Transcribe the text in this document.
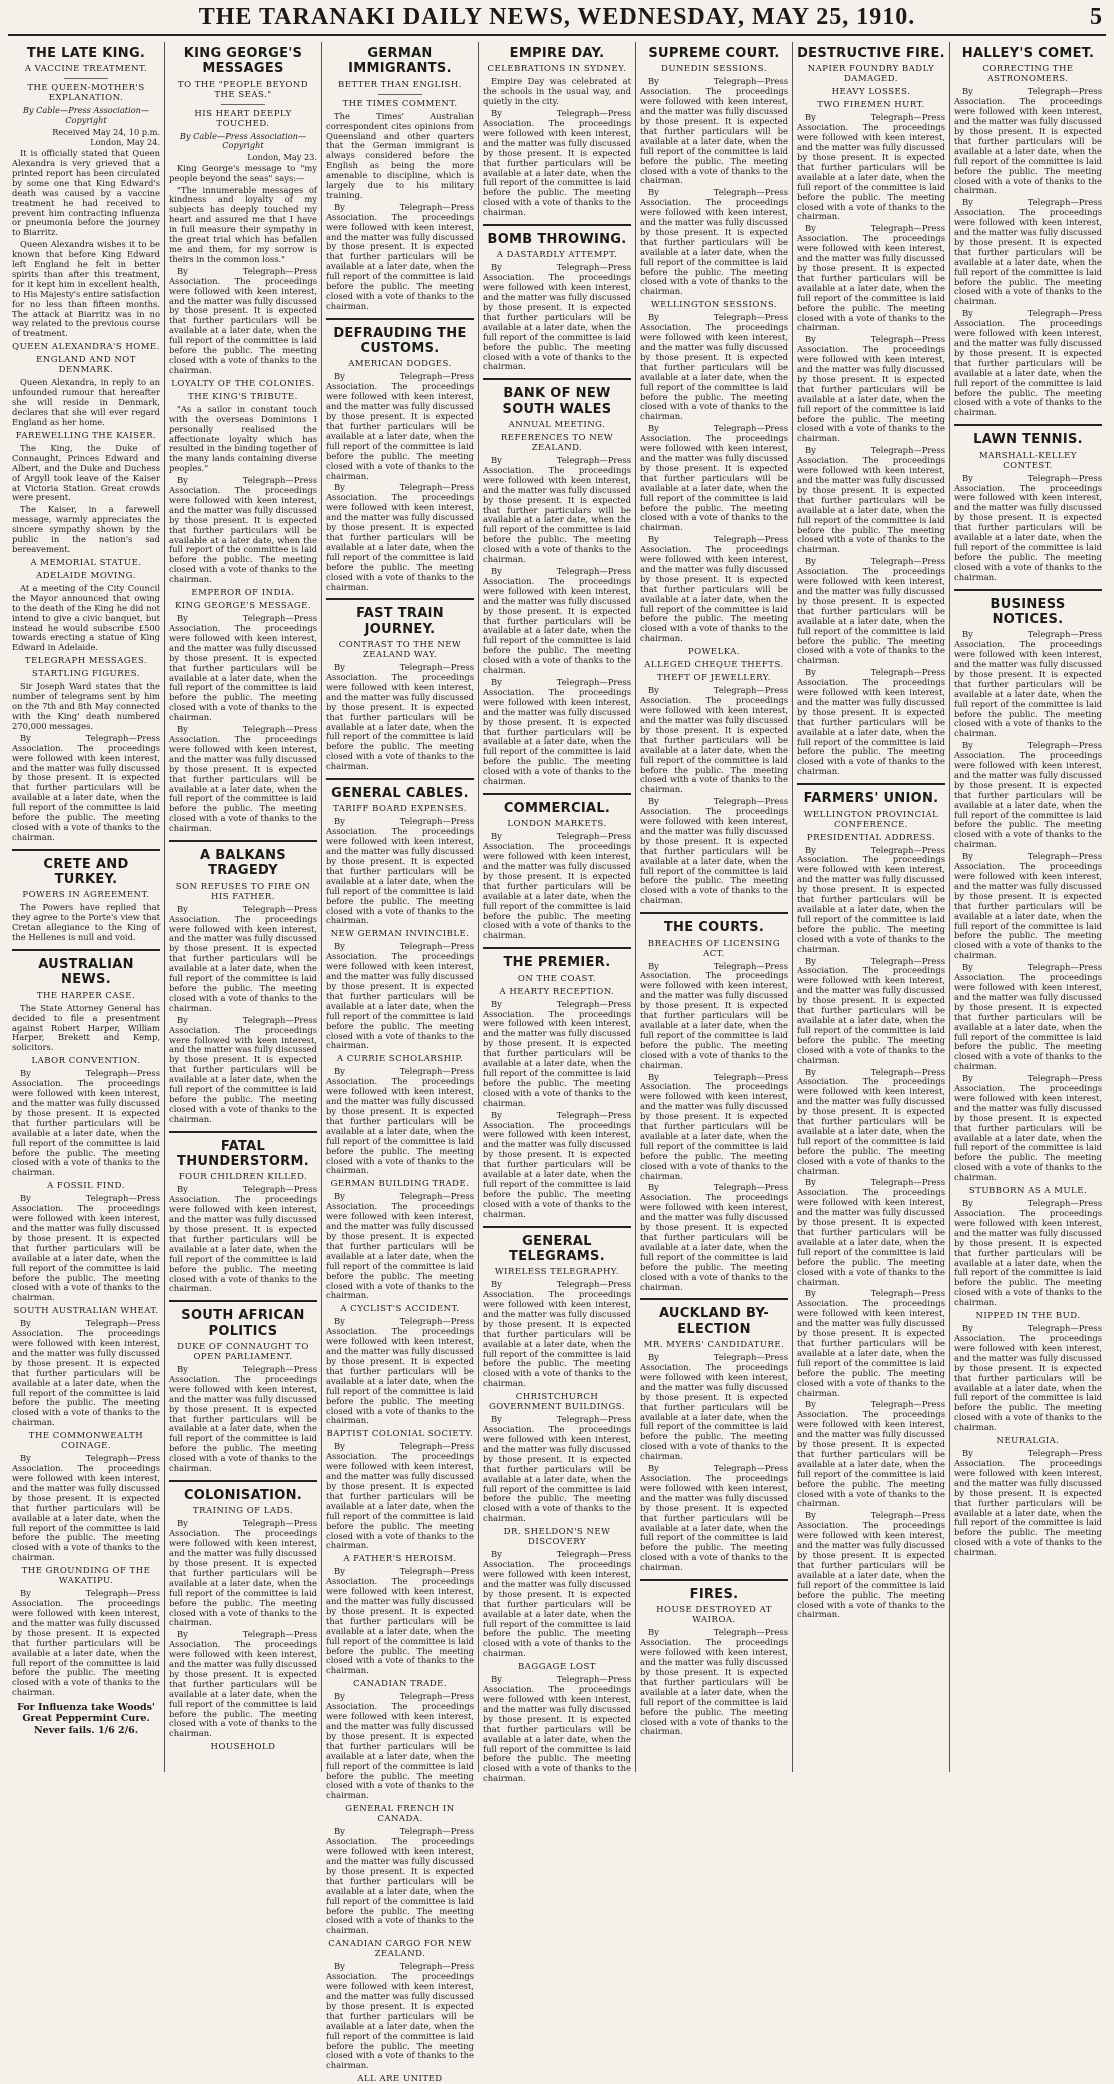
THE TARANAKI DAILY NEWS, WEDNESDAY, MAY 25, 1910.	5
THE LATE KING.
A VACCINE TREATMENT.
THE QUEEN-MOTHER'S EXPLANATION.
By Cable—Press Association—Copyright
Received May 24, 10 p.m.
London, May 24.

It is officially stated that Queen Alexandra is very grieved that a printed report has been circulated by some one that King Edward's death was caused by a vaccine treatment he had received to prevent him contracting influenza or pneumonia before the journey to Biarritz.

Queen Alexandra wishes it to be known that before King Edward left England he felt in better spirits than after this treatment, for it kept him in excellent health, to His Majesty's entire satisfaction for no less than fifteen months. The attack at Biarritz was in no way related to the previous course of treatment.

QUEEN ALEXANDRA'S HOME.
ENGLAND AND NOT DENMARK.

Queen Alexandra, in reply to an unfounded rumour that hereafter she will reside in Denmark, declares that she will ever regard England as her home.

FAREWELLING THE KAISER.

The King, the Duke of Connaught, Princes Edward and Albert, and the Duke and Duchess of Argyll took leave of the Kaiser at Victoria Station. Great crowds were present.

The Kaiser, in a farewell message, warmly appreciates the sincere sympathy shown by the public in the nation's sad bereavement.

A MEMORIAL STATUE.
ADELAIDE MOVING.

At a meeting of the City Council the Mayor announced that owing to the death of the King he did not intend to give a civic banquet, but instead he would subscribe £500 towards erecting a statue of King Edward in Adelaide.

TELEGRAPH MESSAGES.
STARTLING FIGURES.

Sir Joseph Ward states that the number of telegrams sent by him on the 7th and 8th May connected with the King' death numbered 270,000 messages.

By Telegraph—Press Association. The proceedings were followed with keen interest, and the matter was fully discussed by those present. It is expected that further particulars will be available at a later date, when the full report of the committee is laid before the public. The meeting closed with a vote of thanks to the chairman.

CRETE AND TURKEY.
POWERS IN AGREEMENT.

The Powers have replied that they agree to the Porte's view that Cretan allegiance to the King of the Hellenes is null and void.

AUSTRALIAN NEWS.
THE HARPER CASE.

The State Attorney General has decided to file a presentment against Robert Harper, William Harper, Brekett and Kemp, solicitors.

LABOR CONVENTION.

By Telegraph—Press Association. The proceedings were followed with keen interest, and the matter was fully discussed by those present. It is expected that further particulars will be available at a later date, when the full report of the committee is laid before the public. The meeting closed with a vote of thanks to the chairman.

A FOSSIL FIND.

By Telegraph—Press Association. The proceedings were followed with keen interest, and the matter was fully discussed by those present. It is expected that further particulars will be available at a later date, when the full report of the committee is laid before the public. The meeting closed with a vote of thanks to the chairman.

SOUTH AUSTRALIAN WHEAT.

By Telegraph—Press Association. The proceedings were followed with keen interest, and the matter was fully discussed by those present. It is expected that further particulars will be available at a later date, when the full report of the committee is laid before the public. The meeting closed with a vote of thanks to the chairman.

THE COMMONWEALTH COINAGE.

By Telegraph—Press Association. The proceedings were followed with keen interest, and the matter was fully discussed by those present. It is expected that further particulars will be available at a later date, when the full report of the committee is laid before the public. The meeting closed with a vote of thanks to the chairman.

THE GROUNDING OF THE WAKATIPU.

By Telegraph—Press Association. The proceedings were followed with keen interest, and the matter was fully discussed by those present. It is expected that further particulars will be available at a later date, when the full report of the committee is laid before the public. The meeting closed with a vote of thanks to the chairman.

For Influenza take Woods' Great Peppermint Cure. Never fails. 1/6 2/6.
KING GEORGE'S MESSAGES
TO THE "PEOPLE BEYOND THE SEAS."
HIS HEART DEEPLY TOUCHED.
By Cable—Press Association—Copyright
London, May 23.

King George's message to "my people beyond the seas" says:—

"The innumerable messages of kindness and loyalty of my subjects has deeply touched my heart and assured me that I have in full measure their sympathy in the great trial which has befallen me and them, for my sorrow is theirs in the common loss."

By Telegraph—Press Association. The proceedings were followed with keen interest, and the matter was fully discussed by those present. It is expected that further particulars will be available at a later date, when the full report of the committee is laid before the public. The meeting closed with a vote of thanks to the chairman.

LOYALTY OF THE COLONIES.
THE KING'S TRIBUTE.

"As a sailor in constant touch with the overseas Dominions I personally realised the affectionate loyalty which has resulted in the binding together of the many lands containing diverse peoples."

By Telegraph—Press Association. The proceedings were followed with keen interest, and the matter was fully discussed by those present. It is expected that further particulars will be available at a later date, when the full report of the committee is laid before the public. The meeting closed with a vote of thanks to the chairman.

EMPEROR OF INDIA.
KING GEORGE'S MESSAGE.

By Telegraph—Press Association. The proceedings were followed with keen interest, and the matter was fully discussed by those present. It is expected that further particulars will be available at a later date, when the full report of the committee is laid before the public. The meeting closed with a vote of thanks to the chairman.

By Telegraph—Press Association. The proceedings were followed with keen interest, and the matter was fully discussed by those present. It is expected that further particulars will be available at a later date, when the full report of the committee is laid before the public. The meeting closed with a vote of thanks to the chairman.

A BALKANS TRAGEDY
SON REFUSES TO FIRE ON HIS FATHER.

By Telegraph—Press Association. The proceedings were followed with keen interest, and the matter was fully discussed by those present. It is expected that further particulars will be available at a later date, when the full report of the committee is laid before the public. The meeting closed with a vote of thanks to the chairman.

By Telegraph—Press Association. The proceedings were followed with keen interest, and the matter was fully discussed by those present. It is expected that further particulars will be available at a later date, when the full report of the committee is laid before the public. The meeting closed with a vote of thanks to the chairman.

FATAL THUNDERSTORM.
FOUR CHILDREN KILLED.

By Telegraph—Press Association. The proceedings were followed with keen interest, and the matter was fully discussed by those present. It is expected that further particulars will be available at a later date, when the full report of the committee is laid before the public. The meeting closed with a vote of thanks to the chairman.

SOUTH AFRICAN POLITICS
DUKE OF CONNAUGHT TO OPEN PARLIAMENT.

By Telegraph—Press Association. The proceedings were followed with keen interest, and the matter was fully discussed by those present. It is expected that further particulars will be available at a later date, when the full report of the committee is laid before the public. The meeting closed with a vote of thanks to the chairman.

COLONISATION.
TRAINING OF LADS.

By Telegraph—Press Association. The proceedings were followed with keen interest, and the matter was fully discussed by those present. It is expected that further particulars will be available at a later date, when the full report of the committee is laid before the public. The meeting closed with a vote of thanks to the chairman.

By Telegraph—Press Association. The proceedings were followed with keen interest, and the matter was fully discussed by those present. It is expected that further particulars will be available at a later date, when the full report of the committee is laid before the public. The meeting closed with a vote of thanks to the chairman.

HOUSEHOLD
GERMAN IMMIGRANTS.
BETTER THAN ENGLISH.
THE TIMES COMMENT.

The Times' Australian correspondent cites opinions from Queensland and other quarters that the German immigrant is always considered before the English as being the more amenable to discipline, which is largely due to his military training.

By Telegraph—Press Association. The proceedings were followed with keen interest, and the matter was fully discussed by those present. It is expected that further particulars will be available at a later date, when the full report of the committee is laid before the public. The meeting closed with a vote of thanks to the chairman.

DEFRAUDING THE CUSTOMS.
AMERICAN DODGES.

By Telegraph—Press Association. The proceedings were followed with keen interest, and the matter was fully discussed by those present. It is expected that further particulars will be available at a later date, when the full report of the committee is laid before the public. The meeting closed with a vote of thanks to the chairman.

By Telegraph—Press Association. The proceedings were followed with keen interest, and the matter was fully discussed by those present. It is expected that further particulars will be available at a later date, when the full report of the committee is laid before the public. The meeting closed with a vote of thanks to the chairman.

FAST TRAIN JOURNEY.
CONTRAST TO THE NEW ZEALAND WAY.

By Telegraph—Press Association. The proceedings were followed with keen interest, and the matter was fully discussed by those present. It is expected that further particulars will be available at a later date, when the full report of the committee is laid before the public. The meeting closed with a vote of thanks to the chairman.

GENERAL CABLES.
TARIFF BOARD EXPENSES.

By Telegraph—Press Association. The proceedings were followed with keen interest, and the matter was fully discussed by those present. It is expected that further particulars will be available at a later date, when the full report of the committee is laid before the public. The meeting closed with a vote of thanks to the chairman.

NEW GERMAN INVINCIBLE.

By Telegraph—Press Association. The proceedings were followed with keen interest, and the matter was fully discussed by those present. It is expected that further particulars will be available at a later date, when the full report of the committee is laid before the public. The meeting closed with a vote of thanks to the chairman.

A CURRIE SCHOLARSHIP.

By Telegraph—Press Association. The proceedings were followed with keen interest, and the matter was fully discussed by those present. It is expected that further particulars will be available at a later date, when the full report of the committee is laid before the public. The meeting closed with a vote of thanks to the chairman.

GERMAN BUILDING TRADE.

By Telegraph—Press Association. The proceedings were followed with keen interest, and the matter was fully discussed by those present. It is expected that further particulars will be available at a later date, when the full report of the committee is laid before the public. The meeting closed with a vote of thanks to the chairman.

A CYCLIST'S ACCIDENT.

By Telegraph—Press Association. The proceedings were followed with keen interest, and the matter was fully discussed by those present. It is expected that further particulars will be available at a later date, when the full report of the committee is laid before the public. The meeting closed with a vote of thanks to the chairman.

BAPTIST COLONIAL SOCIETY.

By Telegraph—Press Association. The proceedings were followed with keen interest, and the matter was fully discussed by those present. It is expected that further particulars will be available at a later date, when the full report of the committee is laid before the public. The meeting closed with a vote of thanks to the chairman.

A FATHER'S HEROISM.

By Telegraph—Press Association. The proceedings were followed with keen interest, and the matter was fully discussed by those present. It is expected that further particulars will be available at a later date, when the full report of the committee is laid before the public. The meeting closed with a vote of thanks to the chairman.

CANADIAN TRADE.

By Telegraph—Press Association. The proceedings were followed with keen interest, and the matter was fully discussed by those present. It is expected that further particulars will be available at a later date, when the full report of the committee is laid before the public. The meeting closed with a vote of thanks to the chairman.

GENERAL FRENCH IN CANADA.

By Telegraph—Press Association. The proceedings were followed with keen interest, and the matter was fully discussed by those present. It is expected that further particulars will be available at a later date, when the full report of the committee is laid before the public. The meeting closed with a vote of thanks to the chairman.

CANADIAN CARGO FOR NEW ZEALAND.

By Telegraph—Press Association. The proceedings were followed with keen interest, and the matter was fully discussed by those present. It is expected that further particulars will be available at a later date, when the full report of the committee is laid before the public. The meeting closed with a vote of thanks to the chairman.

ALL ARE UNITED
EMPIRE DAY.
CELEBRATIONS IN SYDNEY.

Empire Day was celebrated at the schools in the usual way, and quietly in the city.

By Telegraph—Press Association. The proceedings were followed with keen interest, and the matter was fully discussed by those present. It is expected that further particulars will be available at a later date, when the full report of the committee is laid before the public. The meeting closed with a vote of thanks to the chairman.

BOMB THROWING.
A DASTARDLY ATTEMPT.

By Telegraph—Press Association. The proceedings were followed with keen interest, and the matter was fully discussed by those present. It is expected that further particulars will be available at a later date, when the full report of the committee is laid before the public. The meeting closed with a vote of thanks to the chairman.

BANK OF NEW SOUTH WALES
ANNUAL MEETING.
REFERENCES TO NEW ZEALAND.

By Telegraph—Press Association. The proceedings were followed with keen interest, and the matter was fully discussed by those present. It is expected that further particulars will be available at a later date, when the full report of the committee is laid before the public. The meeting closed with a vote of thanks to the chairman.

By Telegraph—Press Association. The proceedings were followed with keen interest, and the matter was fully discussed by those present. It is expected that further particulars will be available at a later date, when the full report of the committee is laid before the public. The meeting closed with a vote of thanks to the chairman.

By Telegraph—Press Association. The proceedings were followed with keen interest, and the matter was fully discussed by those present. It is expected that further particulars will be available at a later date, when the full report of the committee is laid before the public. The meeting closed with a vote of thanks to the chairman.

COMMERCIAL.
LONDON MARKETS.

By Telegraph—Press Association. The proceedings were followed with keen interest, and the matter was fully discussed by those present. It is expected that further particulars will be available at a later date, when the full report of the committee is laid before the public. The meeting closed with a vote of thanks to the chairman.

THE PREMIER.
ON THE COAST.
A HEARTY RECEPTION.

By Telegraph—Press Association. The proceedings were followed with keen interest, and the matter was fully discussed by those present. It is expected that further particulars will be available at a later date, when the full report of the committee is laid before the public. The meeting closed with a vote of thanks to the chairman.

By Telegraph—Press Association. The proceedings were followed with keen interest, and the matter was fully discussed by those present. It is expected that further particulars will be available at a later date, when the full report of the committee is laid before the public. The meeting closed with a vote of thanks to the chairman.

GENERAL TELEGRAMS.
WIRELESS TELEGRAPHY.

By Telegraph—Press Association. The proceedings were followed with keen interest, and the matter was fully discussed by those present. It is expected that further particulars will be available at a later date, when the full report of the committee is laid before the public. The meeting closed with a vote of thanks to the chairman.

CHRISTCHURCH GOVERNMENT BUILDINGS.

By Telegraph—Press Association. The proceedings were followed with keen interest, and the matter was fully discussed by those present. It is expected that further particulars will be available at a later date, when the full report of the committee is laid before the public. The meeting closed with a vote of thanks to the chairman.

DR. SHELDON'S NEW DISCOVERY

By Telegraph—Press Association. The proceedings were followed with keen interest, and the matter was fully discussed by those present. It is expected that further particulars will be available at a later date, when the full report of the committee is laid before the public. The meeting closed with a vote of thanks to the chairman.

BAGGAGE LOST

By Telegraph—Press Association. The proceedings were followed with keen interest, and the matter was fully discussed by those present. It is expected that further particulars will be available at a later date, when the full report of the committee is laid before the public. The meeting closed with a vote of thanks to the chairman.

SUPREME COURT.
DUNEDIN SESSIONS.

By Telegraph—Press Association. The proceedings were followed with keen interest, and the matter was fully discussed by those present. It is expected that further particulars will be available at a later date, when the full report of the committee is laid before the public. The meeting closed with a vote of thanks to the chairman.

By Telegraph—Press Association. The proceedings were followed with keen interest, and the matter was fully discussed by those present. It is expected that further particulars will be available at a later date, when the full report of the committee is laid before the public. The meeting closed with a vote of thanks to the chairman.

WELLINGTON SESSIONS.

By Telegraph—Press Association. The proceedings were followed with keen interest, and the matter was fully discussed by those present. It is expected that further particulars will be available at a later date, when the full report of the committee is laid before the public. The meeting closed with a vote of thanks to the chairman.

By Telegraph—Press Association. The proceedings were followed with keen interest, and the matter was fully discussed by those present. It is expected that further particulars will be available at a later date, when the full report of the committee is laid before the public. The meeting closed with a vote of thanks to the chairman.

By Telegraph—Press Association. The proceedings were followed with keen interest, and the matter was fully discussed by those present. It is expected that further particulars will be available at a later date, when the full report of the committee is laid before the public. The meeting closed with a vote of thanks to the chairman.

POWELKA.
ALLEGED CHEQUE THEFTS.
THEFT OF JEWELLERY.

By Telegraph—Press Association. The proceedings were followed with keen interest, and the matter was fully discussed by those present. It is expected that further particulars will be available at a later date, when the full report of the committee is laid before the public. The meeting closed with a vote of thanks to the chairman.

By Telegraph—Press Association. The proceedings were followed with keen interest, and the matter was fully discussed by those present. It is expected that further particulars will be available at a later date, when the full report of the committee is laid before the public. The meeting closed with a vote of thanks to the chairman.

THE COURTS.
BREACHES OF LICENSING ACT.

By Telegraph—Press Association. The proceedings were followed with keen interest, and the matter was fully discussed by those present. It is expected that further particulars will be available at a later date, when the full report of the committee is laid before the public. The meeting closed with a vote of thanks to the chairman.

By Telegraph—Press Association. The proceedings were followed with keen interest, and the matter was fully discussed by those present. It is expected that further particulars will be available at a later date, when the full report of the committee is laid before the public. The meeting closed with a vote of thanks to the chairman.

By Telegraph—Press Association. The proceedings were followed with keen interest, and the matter was fully discussed by those present. It is expected that further particulars will be available at a later date, when the full report of the committee is laid before the public. The meeting closed with a vote of thanks to the chairman.

AUCKLAND BY-ELECTION
MR. MYERS' CANDIDATURE.

By Telegraph—Press Association. The proceedings were followed with keen interest, and the matter was fully discussed by those present. It is expected that further particulars will be available at a later date, when the full report of the committee is laid before the public. The meeting closed with a vote of thanks to the chairman.

By Telegraph—Press Association. The proceedings were followed with keen interest, and the matter was fully discussed by those present. It is expected that further particulars will be available at a later date, when the full report of the committee is laid before the public. The meeting closed with a vote of thanks to the chairman.

FIRES.
HOUSE DESTROYED AT WAIROA.

By Telegraph—Press Association. The proceedings were followed with keen interest, and the matter was fully discussed by those present. It is expected that further particulars will be available at a later date, when the full report of the committee is laid before the public. The meeting closed with a vote of thanks to the chairman.

DESTRUCTIVE FIRE.
NAPIER FOUNDRY BADLY DAMAGED.
HEAVY LOSSES.
TWO FIREMEN HURT.

By Telegraph—Press Association. The proceedings were followed with keen interest, and the matter was fully discussed by those present. It is expected that further particulars will be available at a later date, when the full report of the committee is laid before the public. The meeting closed with a vote of thanks to the chairman.

By Telegraph—Press Association. The proceedings were followed with keen interest, and the matter was fully discussed by those present. It is expected that further particulars will be available at a later date, when the full report of the committee is laid before the public. The meeting closed with a vote of thanks to the chairman.

By Telegraph—Press Association. The proceedings were followed with keen interest, and the matter was fully discussed by those present. It is expected that further particulars will be available at a later date, when the full report of the committee is laid before the public. The meeting closed with a vote of thanks to the chairman.

By Telegraph—Press Association. The proceedings were followed with keen interest, and the matter was fully discussed by those present. It is expected that further particulars will be available at a later date, when the full report of the committee is laid before the public. The meeting closed with a vote of thanks to the chairman.

By Telegraph—Press Association. The proceedings were followed with keen interest, and the matter was fully discussed by those present. It is expected that further particulars will be available at a later date, when the full report of the committee is laid before the public. The meeting closed with a vote of thanks to the chairman.

By Telegraph—Press Association. The proceedings were followed with keen interest, and the matter was fully discussed by those present. It is expected that further particulars will be available at a later date, when the full report of the committee is laid before the public. The meeting closed with a vote of thanks to the chairman.

FARMERS' UNION.
WELLINGTON PROVINCIAL CONFERENCE.
PRESIDENTIAL ADDRESS.

By Telegraph—Press Association. The proceedings were followed with keen interest, and the matter was fully discussed by those present. It is expected that further particulars will be available at a later date, when the full report of the committee is laid before the public. The meeting closed with a vote of thanks to the chairman.

By Telegraph—Press Association. The proceedings were followed with keen interest, and the matter was fully discussed by those present. It is expected that further particulars will be available at a later date, when the full report of the committee is laid before the public. The meeting closed with a vote of thanks to the chairman.

By Telegraph—Press Association. The proceedings were followed with keen interest, and the matter was fully discussed by those present. It is expected that further particulars will be available at a later date, when the full report of the committee is laid before the public. The meeting closed with a vote of thanks to the chairman.

By Telegraph—Press Association. The proceedings were followed with keen interest, and the matter was fully discussed by those present. It is expected that further particulars will be available at a later date, when the full report of the committee is laid before the public. The meeting closed with a vote of thanks to the chairman.

By Telegraph—Press Association. The proceedings were followed with keen interest, and the matter was fully discussed by those present. It is expected that further particulars will be available at a later date, when the full report of the committee is laid before the public. The meeting closed with a vote of thanks to the chairman.

By Telegraph—Press Association. The proceedings were followed with keen interest, and the matter was fully discussed by those present. It is expected that further particulars will be available at a later date, when the full report of the committee is laid before the public. The meeting closed with a vote of thanks to the chairman.

By Telegraph—Press Association. The proceedings were followed with keen interest, and the matter was fully discussed by those present. It is expected that further particulars will be available at a later date, when the full report of the committee is laid before the public. The meeting closed with a vote of thanks to the chairman.

HALLEY'S COMET.
CORRECTING THE ASTRONOMERS.

By Telegraph—Press Association. The proceedings were followed with keen interest, and the matter was fully discussed by those present. It is expected that further particulars will be available at a later date, when the full report of the committee is laid before the public. The meeting closed with a vote of thanks to the chairman.

By Telegraph—Press Association. The proceedings were followed with keen interest, and the matter was fully discussed by those present. It is expected that further particulars will be available at a later date, when the full report of the committee is laid before the public. The meeting closed with a vote of thanks to the chairman.

By Telegraph—Press Association. The proceedings were followed with keen interest, and the matter was fully discussed by those present. It is expected that further particulars will be available at a later date, when the full report of the committee is laid before the public. The meeting closed with a vote of thanks to the chairman.

LAWN TENNIS.
MARSHALL-KELLEY CONTEST.

By Telegraph—Press Association. The proceedings were followed with keen interest, and the matter was fully discussed by those present. It is expected that further particulars will be available at a later date, when the full report of the committee is laid before the public. The meeting closed with a vote of thanks to the chairman.

BUSINESS NOTICES.

By Telegraph—Press Association. The proceedings were followed with keen interest, and the matter was fully discussed by those present. It is expected that further particulars will be available at a later date, when the full report of the committee is laid before the public. The meeting closed with a vote of thanks to the chairman.

By Telegraph—Press Association. The proceedings were followed with keen interest, and the matter was fully discussed by those present. It is expected that further particulars will be available at a later date, when the full report of the committee is laid before the public. The meeting closed with a vote of thanks to the chairman.

By Telegraph—Press Association. The proceedings were followed with keen interest, and the matter was fully discussed by those present. It is expected that further particulars will be available at a later date, when the full report of the committee is laid before the public. The meeting closed with a vote of thanks to the chairman.

By Telegraph—Press Association. The proceedings were followed with keen interest, and the matter was fully discussed by those present. It is expected that further particulars will be available at a later date, when the full report of the committee is laid before the public. The meeting closed with a vote of thanks to the chairman.

By Telegraph—Press Association. The proceedings were followed with keen interest, and the matter was fully discussed by those present. It is expected that further particulars will be available at a later date, when the full report of the committee is laid before the public. The meeting closed with a vote of thanks to the chairman.

STUBBORN AS A MULE.

By Telegraph—Press Association. The proceedings were followed with keen interest, and the matter was fully discussed by those present. It is expected that further particulars will be available at a later date, when the full report of the committee is laid before the public. The meeting closed with a vote of thanks to the chairman.

NIPPED IN THE BUD.

By Telegraph—Press Association. The proceedings were followed with keen interest, and the matter was fully discussed by those present. It is expected that further particulars will be available at a later date, when the full report of the committee is laid before the public. The meeting closed with a vote of thanks to the chairman.

NEURALGIA.

By Telegraph—Press Association. The proceedings were followed with keen interest, and the matter was fully discussed by those present. It is expected that further particulars will be available at a later date, when the full report of the committee is laid before the public. The meeting closed with a vote of thanks to the chairman.
